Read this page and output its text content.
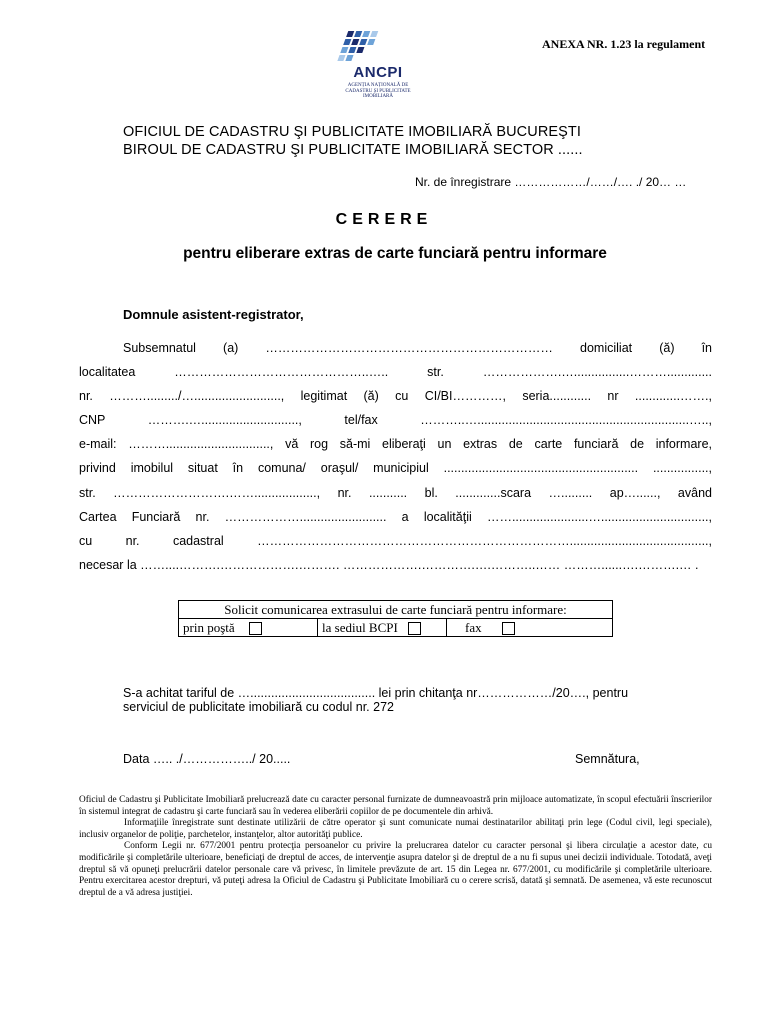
ANCPI
AGENȚIA NAȚIONALĂ DE CADASTRU ȘI PUBLICITATE IMOBILIARĂ
ANEXA NR. 1.23 la regulament
OFICIUL DE CADASTRU ŞI PUBLICITATE IMOBILIARĂ BUCUREŞTI
BIROUL DE CADASTRU ŞI PUBLICITATE IMOBILIARĂ SECTOR ......
Nr. de înregistrare ………………/……/…. ./ 20… …
CERERE
pentru eliberare extras de carte funciară pentru informare
Domnule asistent-registrator,
Subsemnatul (a) …………………………………………………………… domiciliat (ă) în
localitatea ………………………………………..….. str. ……………….…................……….............
nr. ………........./…........................., legitimat (ă) cu CI/BI…………, seria............ nr .............…….,
CNP ……….…............................, tel/fax ………..….............................................................…..,
e-mail: ……….............................., vă rog să-mi eliberaţi un extras de carte funciară de informare,
privind imobilul situat în comuna/ oraşul/ municipiul ........................................................ ................,
str. ……………………….…….................., nr. ........... bl. .............scara …......... ap…......, având
Cartea Funciară nr. ………………......................... a localităţii ……......................…...............................,
cu nr. cadastral …………………………………………………………………........................................,
necesar la ……....……….……………….………. ……………….………….….………..…… ………......….……….… .
Solicit comunicarea extrasului de carte funciară pentru informare:
prin poştă	la sediul BCPI	fax
S-a achitat tariful de ….................................... lei prin chitanţa nr………………/20…., pentru
serviciul de publicitate imobiliară cu codul nr. 272
Data ….. ./……………../ 20.....	Semnătura,

Oficiul de Cadastru şi Publicitate Imobiliară prelucrează date cu caracter personal furnizate de dumneavoastră prin mijloace automatizate, în scopul efectuării înscrierilor în sistemul integrat de cadastru şi carte funciară sau în vederea eliberării copiilor de pe documentele din arhivă.

Informaţiile înregistrate sunt destinate utilizării de către operator şi sunt comunicate numai destinatarilor abilitaţi prin lege (Codul civil, legi speciale), inclusiv organelor de poliţie, parchetelor, instanţelor, altor autorităţi publice.

Conform Legii nr. 677/2001 pentru protecţia persoanelor cu privire la prelucrarea datelor cu caracter personal şi libera circulaţie a acestor date, cu modificările şi completările ulterioare, beneficiaţi de dreptul de acces, de intervenţie asupra datelor şi de dreptul de a nu fi supus unei decizii individuale. Totodată, aveţi dreptul să vă opuneţi prelucrării datelor personale care vă privesc, în limitele prevăzute de art. 15 din Legea nr. 677/2001, cu modificările şi completările ulterioare. Pentru exercitarea acestor drepturi, vă puteţi adresa la Oficiul de Cadastru şi Publicitate Imobiliară cu o cerere scrisă, datată şi semnată. De asemenea, vă este recunoscut dreptul de a vă adresa justiţiei.
